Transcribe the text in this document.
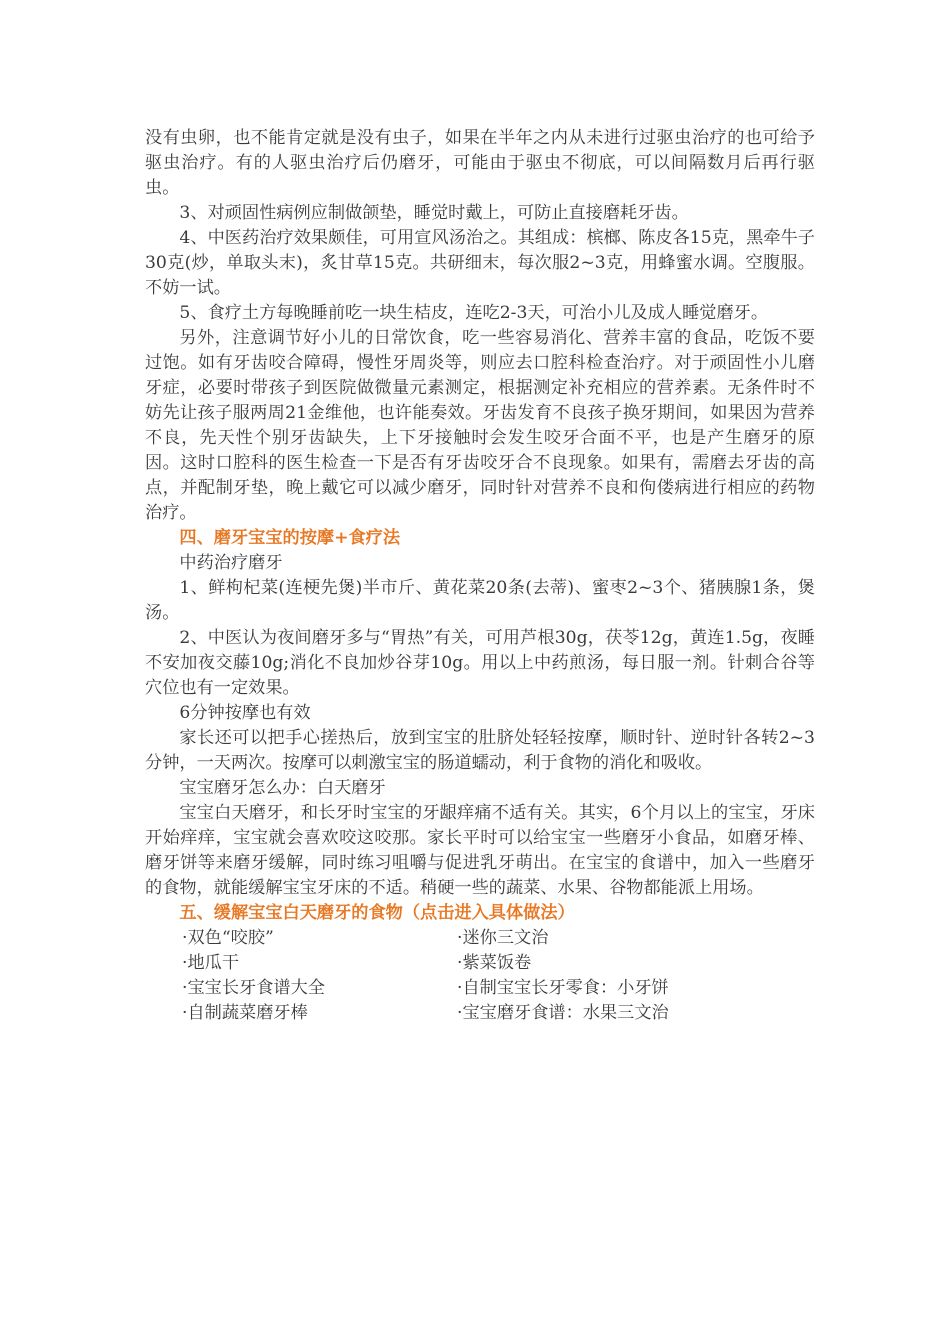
没有虫卵，也不能肯定就是没有虫子，如果在半年之内从未进行过驱虫治疗的也可给予驱虫治疗。有的人驱虫治疗后仍磨牙，可能由于驱虫不彻底，可以间隔数月后再行驱虫。

3、对顽固性病例应制做颌垫，睡觉时戴上，可防止直接磨耗牙齿。

4、中医药治疗效果颇佳，可用宣风汤治之。其组成：槟榔、陈皮各15克，黑牵牛子30克(炒，单取头末)，炙甘草15克。共研细末，每次服2~3克，用蜂蜜水调。空腹服。不妨一试。

5、食疗土方每晚睡前吃一块生桔皮，连吃2-3天，可治小儿及成人睡觉磨牙。

另外，注意调节好小儿的日常饮食，吃一些容易消化、营养丰富的食品，吃饭不要过饱。如有牙齿咬合障碍，慢性牙周炎等，则应去口腔科检查治疗。对于顽固性小儿磨牙症，必要时带孩子到医院做微量元素测定，根据测定补充相应的营养素。无条件时不妨先让孩子服两周21金维他，也许能奏效。牙齿发育不良孩子换牙期间，如果因为营养不良，先天性个别牙齿缺失，上下牙接触时会发生咬牙合面不平，也是产生磨牙的原因。这时口腔科的医生检查一下是否有牙齿咬牙合不良现象。如果有，需磨去牙齿的高点，并配制牙垫，晚上戴它可以减少磨牙，同时针对营养不良和佝偻病进行相应的药物治疗。

四、磨牙宝宝的按摩+食疗法

中药治疗磨牙

1、鲜枸杞菜(连梗先煲)半市斤、黄花菜20条(去蒂)、蜜枣2~3个、猪胰腺1条，煲汤。

2、中医认为夜间磨牙多与“胃热”有关，可用芦根30g，茯苓12g，黄连1.5g，夜睡不安加夜交藤10g;消化不良加炒谷芽10g。用以上中药煎汤，每日服一剂。针刺合谷等穴位也有一定效果。

6分钟按摩也有效

家长还可以把手心搓热后，放到宝宝的肚脐处轻轻按摩，顺时针、逆时针各转2~3分钟，一天两次。按摩可以刺激宝宝的肠道蠕动，利于食物的消化和吸收。

宝宝磨牙怎么办：白天磨牙

宝宝白天磨牙，和长牙时宝宝的牙龈痒痛不适有关。其实，6个月以上的宝宝，牙床开始痒痒，宝宝就会喜欢咬这咬那。家长平时可以给宝宝一些磨牙小食品，如磨牙棒、磨牙饼等来磨牙缓解，同时练习咀嚼与促进乳牙萌出。在宝宝的食谱中，加入一些磨牙的食物，就能缓解宝宝牙床的不适。稍硬一些的蔬菜、水果、谷物都能派上用场。

五、缓解宝宝白天磨牙的食物（点击进入具体做法）

·双色“咬胶”	·迷你三文治
·地瓜干	·紫菜饭卷
·宝宝长牙食谱大全	·自制宝宝长牙零食：小牙饼
·自制蔬菜磨牙棒	·宝宝磨牙食谱：水果三文治
